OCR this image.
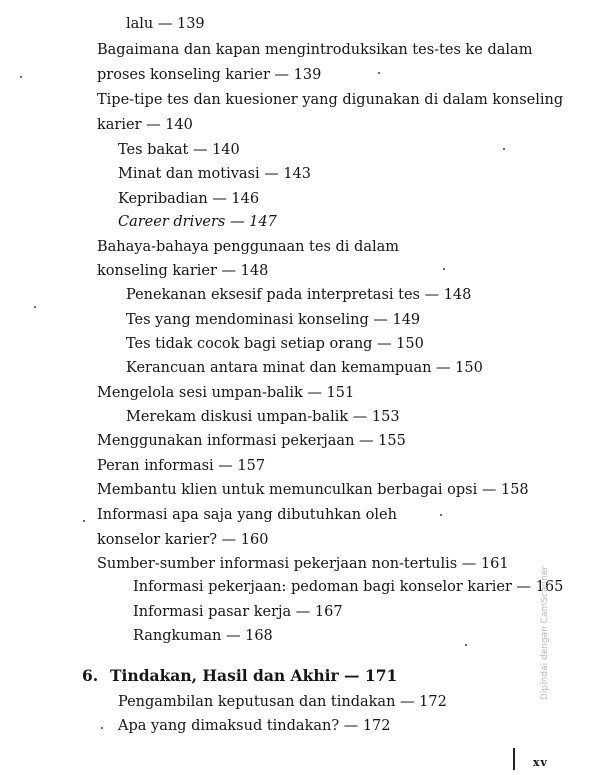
lalu — 139
Bagaimana dan kapan mengintroduksikan tes-tes ke dalam
proses konseling karier — 139
Tipe-tipe tes dan kuesioner yang digunakan di dalam konseling
karier — 140
Tes bakat — 140
Minat dan motivasi — 143
Kepribadian — 146
Career drivers — 147
Bahaya-bahaya penggunaan tes di dalam
konseling karier — 148
Penekanan eksesif pada interpretasi tes — 148
Tes yang mendominasi konseling — 149
Tes tidak cocok bagi setiap orang — 150
Kerancuan antara minat dan kemampuan — 150
Mengelola sesi umpan-balik — 151
Merekam diskusi umpan-balik — 153
Menggunakan informasi pekerjaan — 155
Peran informasi — 157
Membantu klien untuk memunculkan berbagai opsi — 158
Informasi apa saja yang dibutuhkan oleh
konselor karier? — 160
Sumber-sumber informasi pekerjaan non-tertulis — 161
Informasi pekerjaan: pedoman bagi konselor karier — 165
Informasi pasar kerja — 167
Rangkuman — 168
6. Tindakan, Hasil dan Akhir — 171
Pengambilan keputusan dan tindakan — 172
Apa yang dimaksud tindakan? — 172
xv
Dipindai dengan CamScanner
